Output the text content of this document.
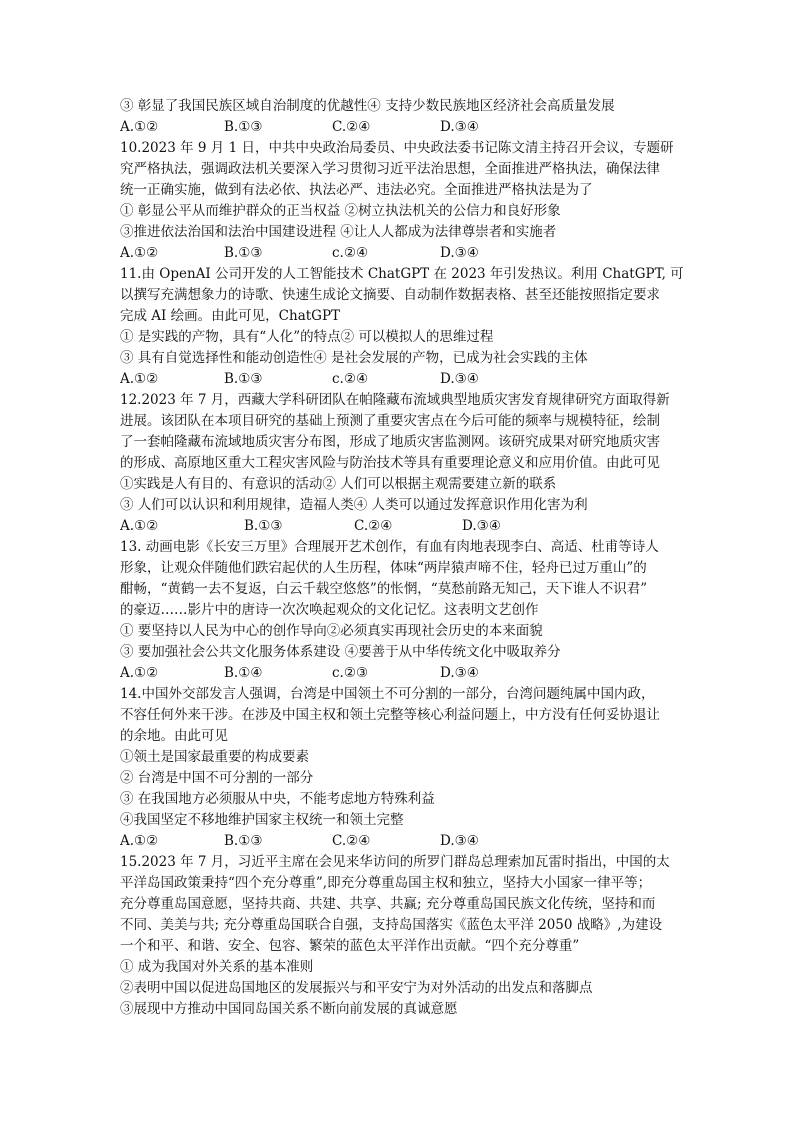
③ 彰显了我国民族区域自治制度的优越性④ 支持少数民族地区经济社会高质量发展
A.①②	B.①③	C.②④	D.③④
10.2023 年 9 月 1 日，中共中央政治局委员、中央政法委书记陈文清主持召开会议，专题研
究严格执法，强调政法机关要深入学习贯彻习近平法治思想，全面推进严格执法，确保法律
统一正确实施，做到有法必依、执法必严、违法必究。全面推进严格执法是为了
① 彰显公平从而维护群众的正当权益 ②树立执法机关的公信力和良好形象
③推进依法治国和法治中国建设进程 ④让人人都成为法律尊崇者和实施者
A.①②	B.①③	c.②④	D.③④
11.由 OpenAI 公司开发的人工智能技术 ChatGPT 在 2023 年引发热议。利用 ChatGPT, 可
以撰写充满想象力的诗歌、快速生成论文摘要、自动制作数据表格、甚至还能按照指定要求
完成 AI 绘画。由此可见，ChatGPT
① 是实践的产物，具有“人化”的特点② 可以模拟人的思维过程
③ 具有自觉选择性和能动创造性④ 是社会发展的产物，已成为社会实践的主体
A.①②	B.①③	c.②④	D.③④
12.2023 年 7 月，西藏大学科研团队在帕隆藏布流域典型地质灾害发育规律研究方面取得新
进展。该团队在本项目研究的基础上预测了重要灾害点在今后可能的频率与规模特征，绘制
了一套帕隆藏布流域地质灾害分布图，形成了地质灾害监测网。该研究成果对研究地质灾害
的形成、高原地区重大工程灾害风险与防治技术等具有重要理论意义和应用价值。由此可见
①实践是人有目的、有意识的活动② 人们可以根据主观需要建立新的联系
③ 人们可以认识和利用规律，造福人类④ 人类可以通过发挥意识作用化害为利
A.①②	B.①③	C.②④	D.③④
13. 动画电影《长安三万里》合理展开艺术创作，有血有肉地表现李白、高适、杜甫等诗人
形象，让观众伴随他们跌宕起伏的人生历程，体味“两岸猿声啼不住，轻舟已过万重山”的
酣畅，“黄鹤一去不复返，白云千载空悠悠”的怅惘，“莫愁前路无知己，天下谁人不识君”
的豪迈……影片中的唐诗一次次唤起观众的文化记忆。这表明文艺创作
① 要坚持以人民为中心的创作导向②必须真实再现社会历史的本来面貌
③ 要加强社会公共文化服务体系建设 ④要善于从中华传统文化中吸取养分
A.①②	B.①④	c.②③	D.③④
14.中国外交部发言人强调，台湾是中国领土不可分割的一部分，台湾问题纯属中国内政，
不容任何外来干涉。在涉及中国主权和领土完整等核心利益问题上，中方没有任何妥协退让
的余地。由此可见
①领土是国家最重要的构成要素
② 台湾是中国不可分割的一部分
③ 在我国地方必须服从中央，不能考虑地方特殊利益
④我国坚定不移地维护国家主权统一和领土完整
A.①②	B.①③	C.②④	D.③④
15.2023 年 7 月，习近平主席在会见来华访问的所罗门群岛总理索加瓦雷时指出，中国的太
平洋岛国政策秉持“四个充分尊重”,即充分尊重岛国主权和独立，坚持大小国家一律平等；
充分尊重岛国意愿，坚持共商、共建、共享、共赢; 充分尊重岛国民族文化传统，坚持和而
不同、美美与共; 充分尊重岛国联合自强，支持岛国落实《蓝色太平洋 2050 战略》,为建设
一个和平、和谐、安全、包容、繁荣的蓝色太平洋作出贡献。“四个充分尊重”
① 成为我国对外关系的基本准则
②表明中国以促进岛国地区的发展振兴与和平安宁为对外活动的出发点和落脚点
③展现中方推动中国同岛国关系不断向前发展的真诚意愿
